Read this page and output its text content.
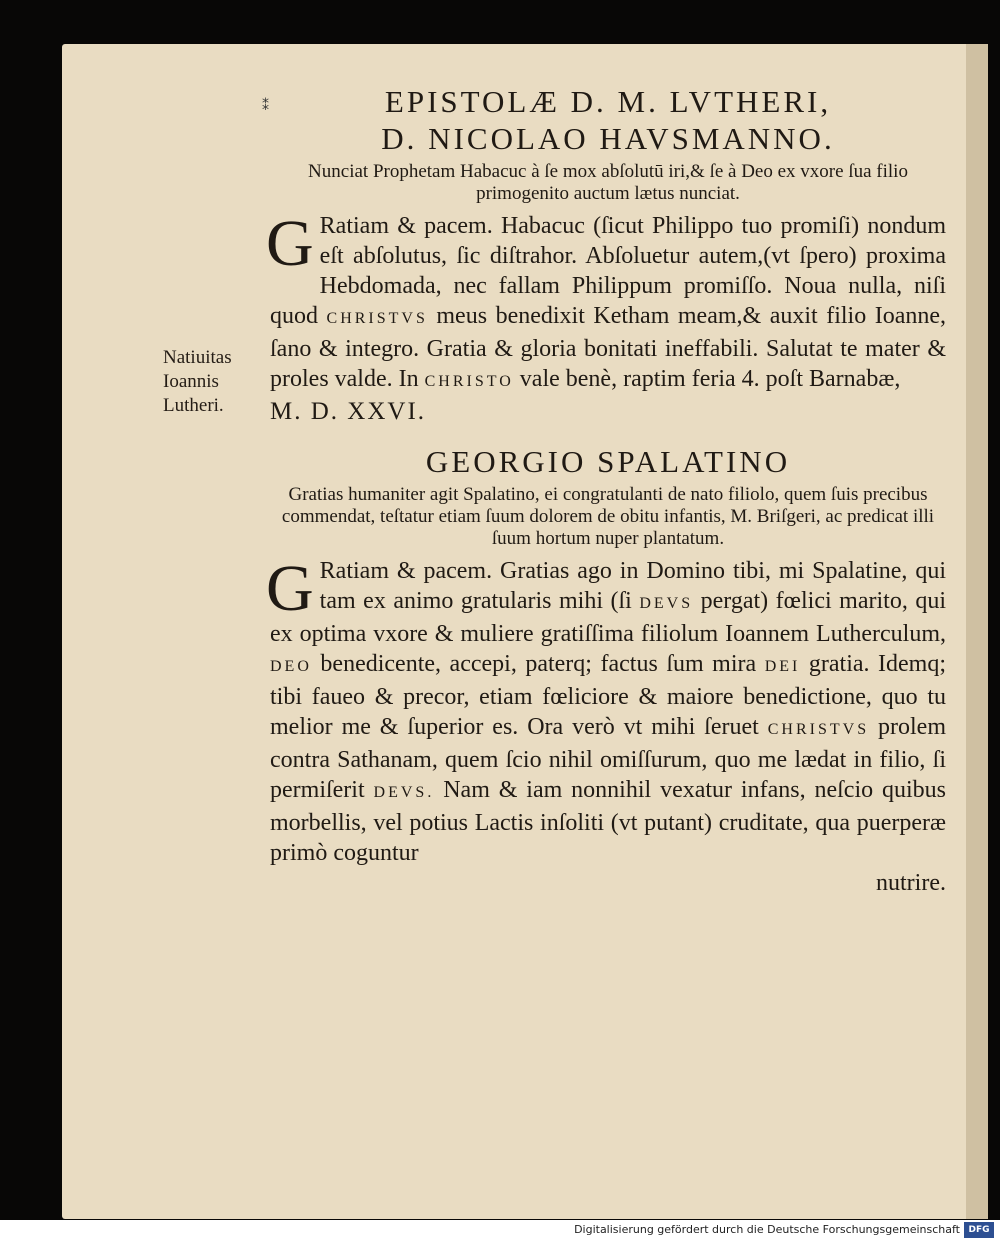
⁑
Natiuitas
Ioannis
Lutheri.

EPISTOLÆ D. M. LVTHERI,

D. NICOLAO HAVSMANNO.

Nunciat Prophetam Habacuc à ſe mox abſolutū iri,& ſe à Deo ex vxore ſua filio primogenito auctum lætus nunciat.

G Ratiam & pacem. Habacuc (ſicut Philippo tuo promiſi) nondum eſt abſolutus, ſic diſtrahor. Abſoluetur autem,(vt ſpero) proxima Hebdomada, nec fallam Philippum promiſſo. Noua nulla, niſi quod CHRISTVS meus benedixit Ketham meam,& auxit filio Ioanne, ſano & integro. Gratia & gloria bonitati ineffabili. Salutat te mater & proles valde. In CHRISTO vale benè, raptim feria 4. poſt Barnabæ,
M. D. XXVI.

GEORGIO SPALATINO

Gratias humaniter agit Spalatino, ei congratulanti de nato filiolo, quem ſuis precibus commendat, teſtatur etiam ſuum dolorem de obitu infantis, M. Briſgeri, ac predicat illi ſuum hortum nuper plantatum.

G Ratiam & pacem. Gratias ago in Domino tibi, mi Spalatine, qui tam ex animo gratularis mihi (ſi DEVS pergat) fœlici marito, qui ex optima vxore & muliere gratiſſima filiolum Ioannem Lutherculum, DEO benedicente, accepi, paterq; factus ſum mira DEI gratia. Idemq; tibi faueo & precor, etiam fœliciore & maiore benedictione, quo tu melior me & ſuperior es. Ora verò vt mihi ſeruet CHRISTVS prolem contra Sathanam, quem ſcio nihil omiſſurum, quo me lædat in filio, ſi permiſerit DEVS. Nam & iam nonnihil vexatur infans, neſcio quibus morbellis, vel potius Lactis inſoliti (vt putant) cruditate, qua puerperæ primò coguntur
nutrire.

Digitalisierung gefördert durch die Deutsche Forschungsgemeinschaft DFG
